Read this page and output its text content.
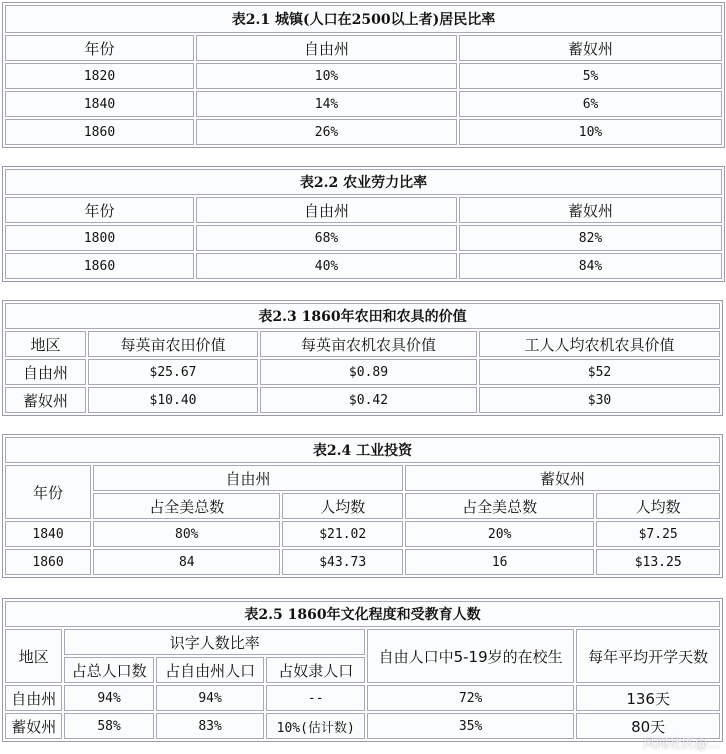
表2.1 城镇(人口在2500以上者)居民比率		
年份	自由州	蓄奴州
1820	10%	5%
1840	14%	6%
1860	26%	10%
表2.2 农业劳力比率		
年份	自由州	蓄奴州
1800	68%	82%
1860	40%	84%
表2.3 1860年农田和农具的价值			
地区	每英亩农田价值	每英亩农机农具价值	工人人均农机农具价值
自由州	$25.67	$0.89	$52
蓄奴州	$10.40	$0.42	$30
表2.4 工业投资				
年份	自由州		蓄奴州	
	占全美总数	人均数	占全美总数	人均数
1840	80%	$21.02	20%	$7.25
1860	84	$43.73	16	$13.25
表2.5 1860年文化程度和受教育人数					
地区	识字人数比率			自由人口中5-19岁的在校生	每年平均开学天数
	占总人口数	占自由州人口	占奴隶人口		
自由州	94%	94%	--	72%	136天
蓄奴州	58%	83%	10%(估计数)	35%	80天
风闻社区@...
